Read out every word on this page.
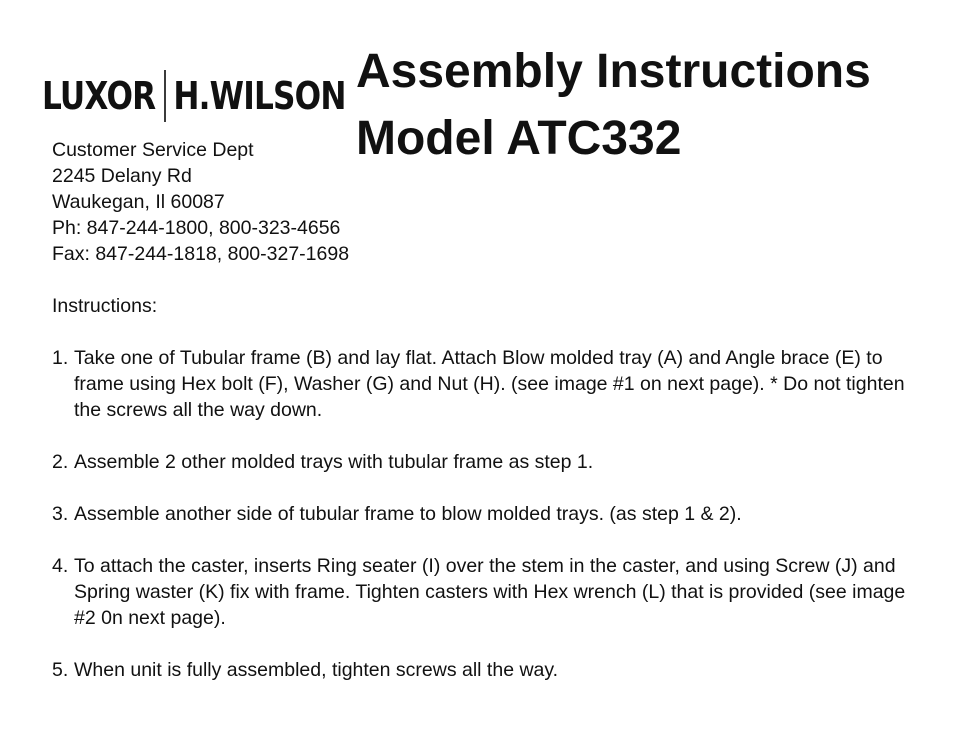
LUXOR H.WILSON Assembly Instructions
Model ATC332
Customer Service Dept
2245 Delany Rd
Waukegan, Il 60087
Ph: 847-244-1800, 800-323-4656
Fax: 847-244-1818, 800-327-1698
Instructions:
1. Take one of Tubular frame (B) and lay flat. Attach Blow molded tray (A) and Angle brace (E) to frame using Hex bolt (F), Washer (G) and Nut (H). (see image #1 on next page). * Do not tighten the screws all the way down.
2. Assemble 2 other molded trays with tubular frame as step 1.
3. Assemble another side of tubular frame to blow molded trays. (as step 1 & 2).
4. To attach the caster, inserts Ring seater (I) over the stem in the caster, and using Screw (J) and Spring waster (K) fix with frame. Tighten casters with Hex wrench (L) that is provided (see image #2 0n next page).
5. When unit is fully assembled, tighten screws all the way.
